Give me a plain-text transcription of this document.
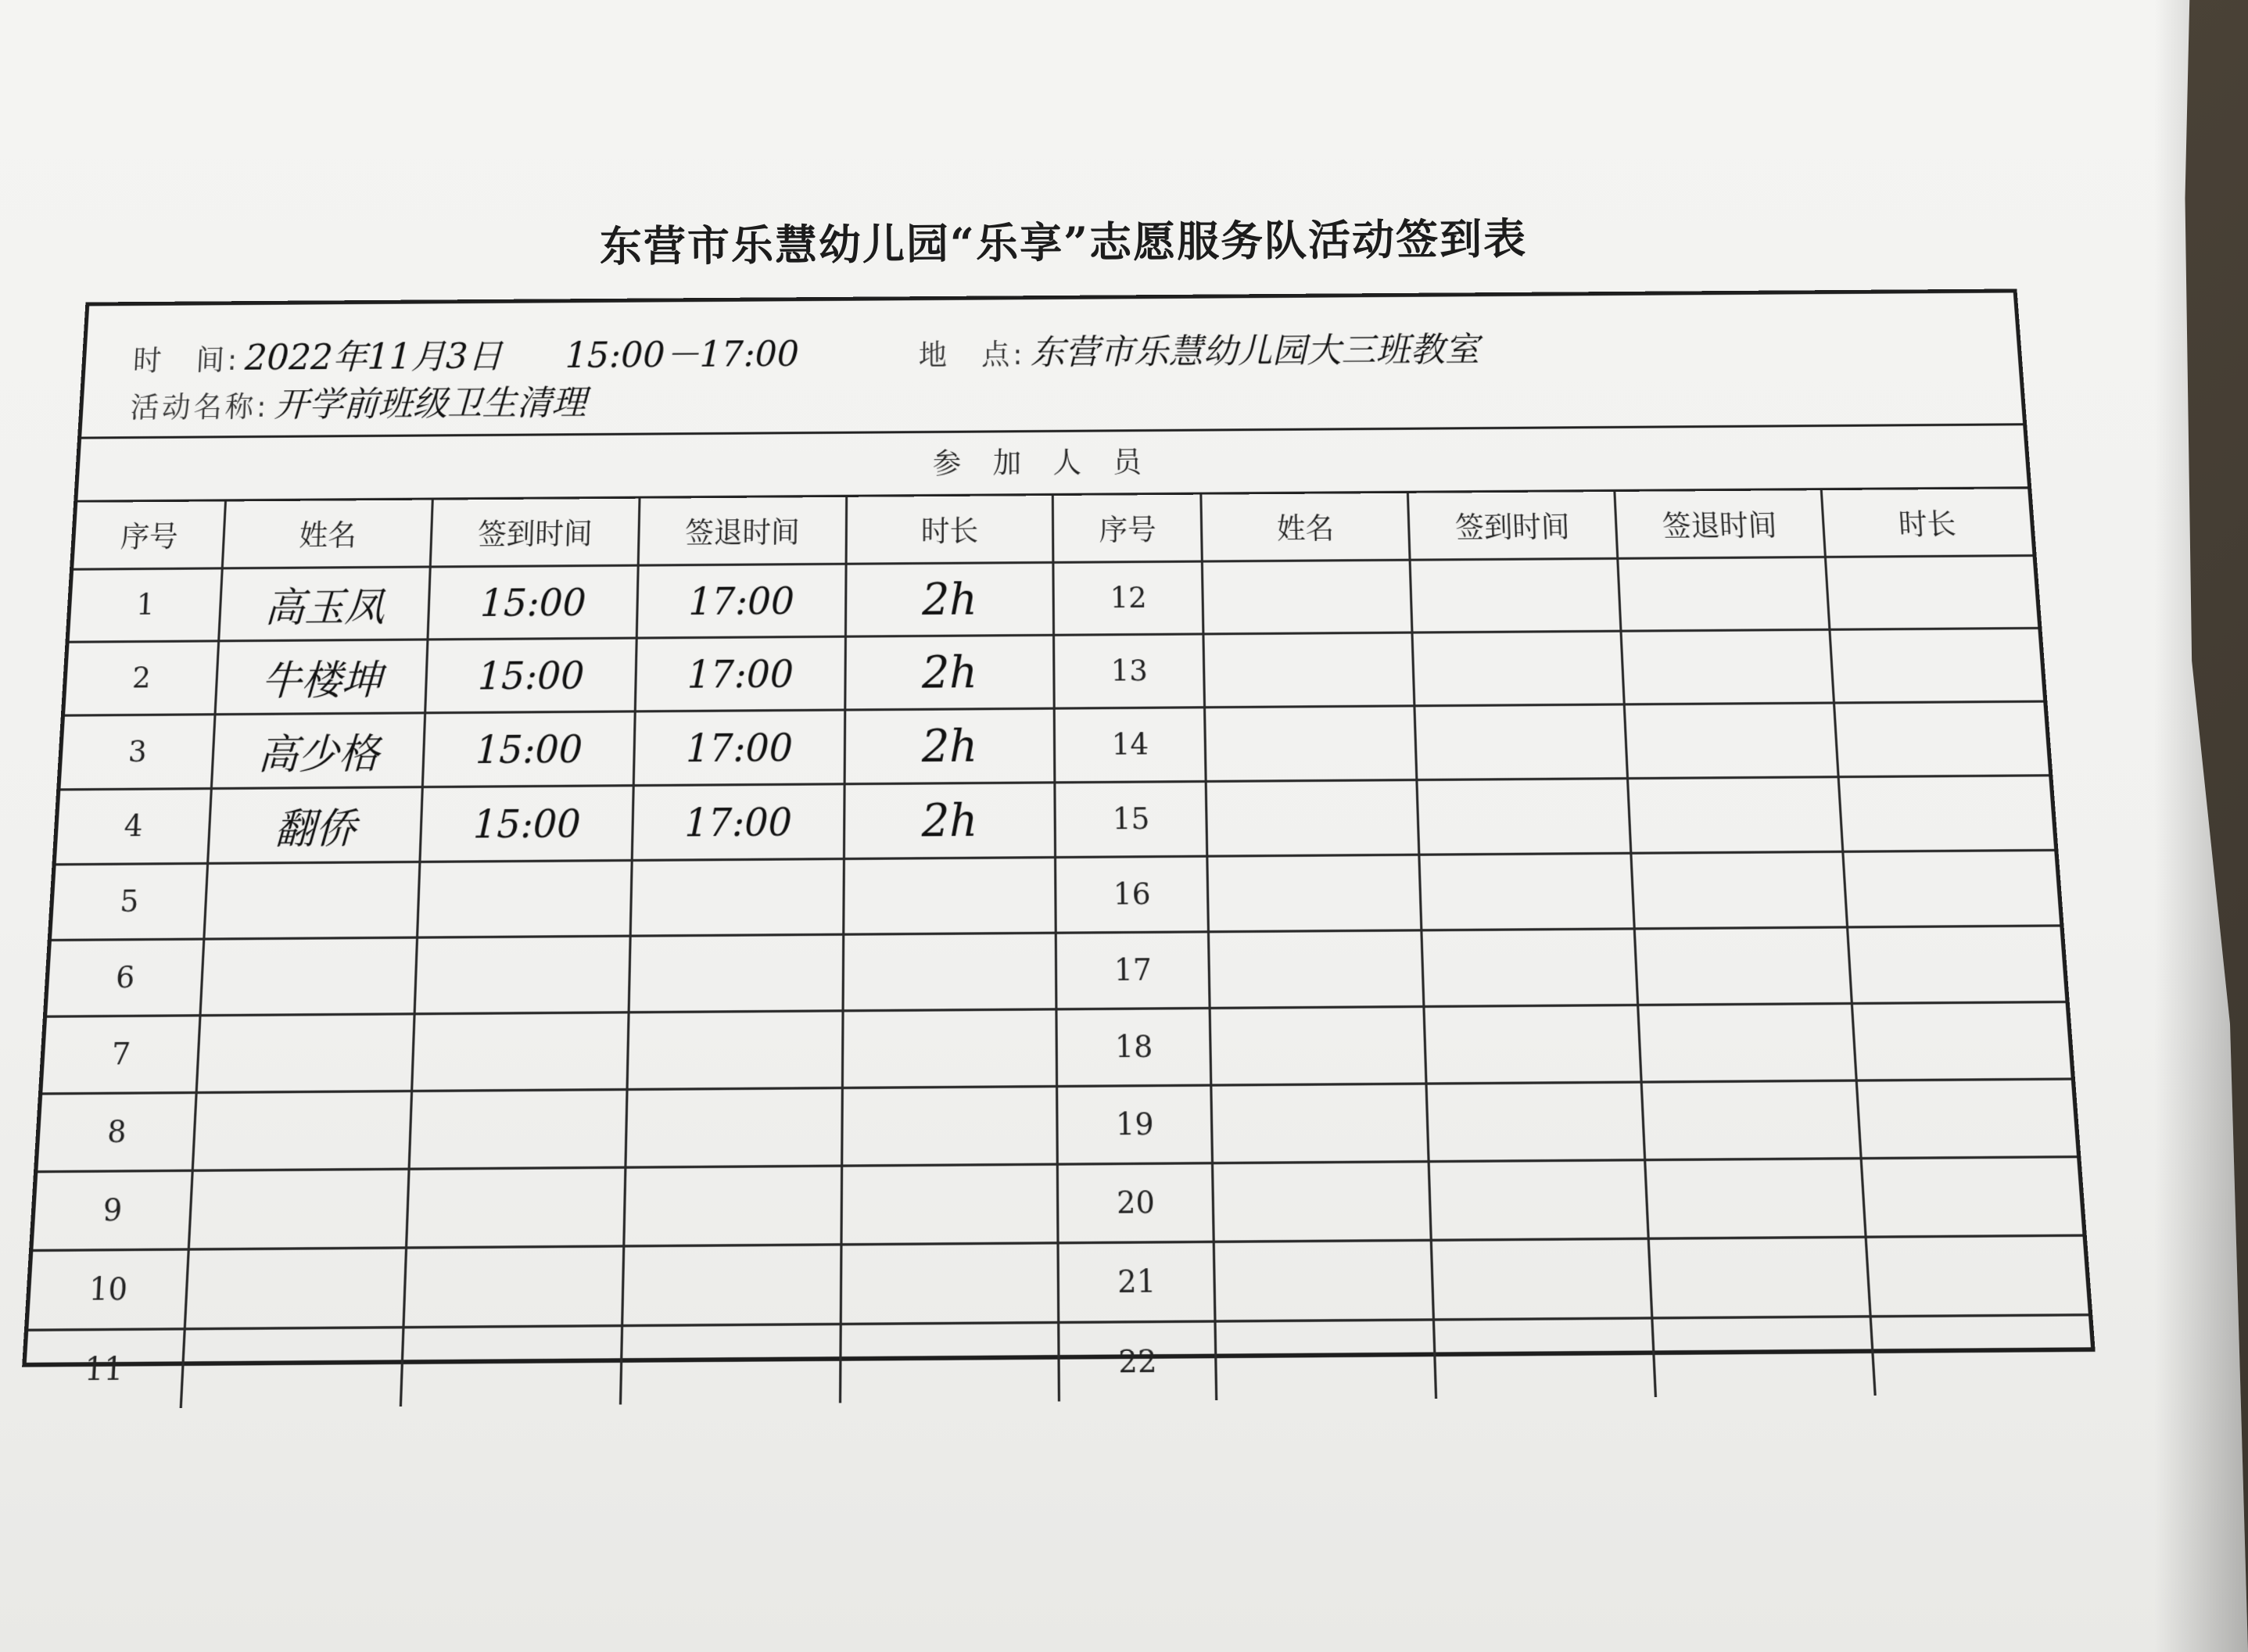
东营市乐慧幼儿园“乐享”志愿服务队活动签到表
时　间: 2022年11月3日 15:00－17:00	地　点: 东营市乐慧幼儿园大三班教室
活动名称: 开学前班级卫生清理
参加人员
序号	姓名	签到时间	签退时间	时长	序号	姓名	签到时间	签退时间	时长
1	高玉凤	15:00	17:00	2h	12				
2	牛楼坤	15:00	17:00	2h	13				
3	高少格	15:00	17:00	2h	14				
4	翻侨	15:00	17:00	2h	15				
5					16				
6					17				
7					18				
8					19				
9					20				
10					21				
11					22				
